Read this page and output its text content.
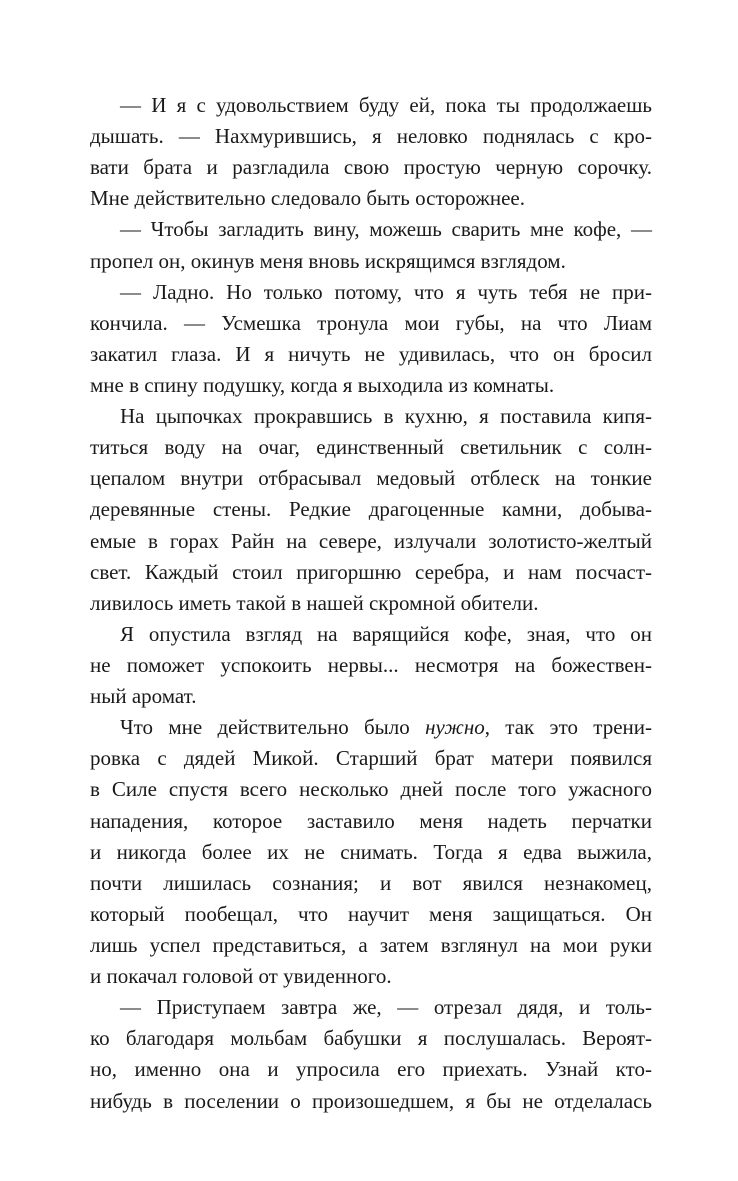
— И я с удовольствием буду ей, пока ты продолжаешь
дышать. — Нахмурившись, я неловко поднялась с кро-
вати брата и разгладила свою простую черную сорочку.
Мне действительно следовало быть осторожнее.
— Чтобы загладить вину, можешь сварить мне кофе, —
пропел он, окинув меня вновь искрящимся взглядом.
— Ладно. Но только потому, что я чуть тебя не при-
кончила. — Усмешка тронула мои губы, на что Лиам
закатил глаза. И я ничуть не удивилась, что он бросил
мне в спину подушку, когда я выходила из комнаты.
На цыпочках прокравшись в кухню, я поставила кипя-
титься воду на очаг, единственный светильник с солн-
цепалом внутри отбрасывал медовый отблеск на тонкие
деревянные стены. Редкие драгоценные камни, добыва-
емые в горах Райн на севере, излучали золотисто-желтый
свет. Каждый стоил пригоршню серебра, и нам посчаст-
ливилось иметь такой в нашей скромной обители.
Я опустила взгляд на варящийся кофе, зная, что он
не поможет успокоить нервы... несмотря на божествен-
ный аромат.
Что мне действительно было нужно, так это трени-
ровка с дядей Микой. Старший брат матери появился
в Силе спустя всего несколько дней после того ужасного
нападения, которое заставило меня надеть перчатки
и никогда более их не снимать. Тогда я едва выжила,
почти лишилась сознания; и вот явился незнакомец,
который пообещал, что научит меня защищаться. Он
лишь успел представиться, а затем взглянул на мои руки
и покачал головой от увиденного.
— Приступаем завтра же, — отрезал дядя, и толь-
ко благодаря мольбам бабушки я послушалась. Вероят-
но, именно она и упросила его приехать. Узнай кто-
нибудь в поселении о произошедшем, я бы не отделалась
